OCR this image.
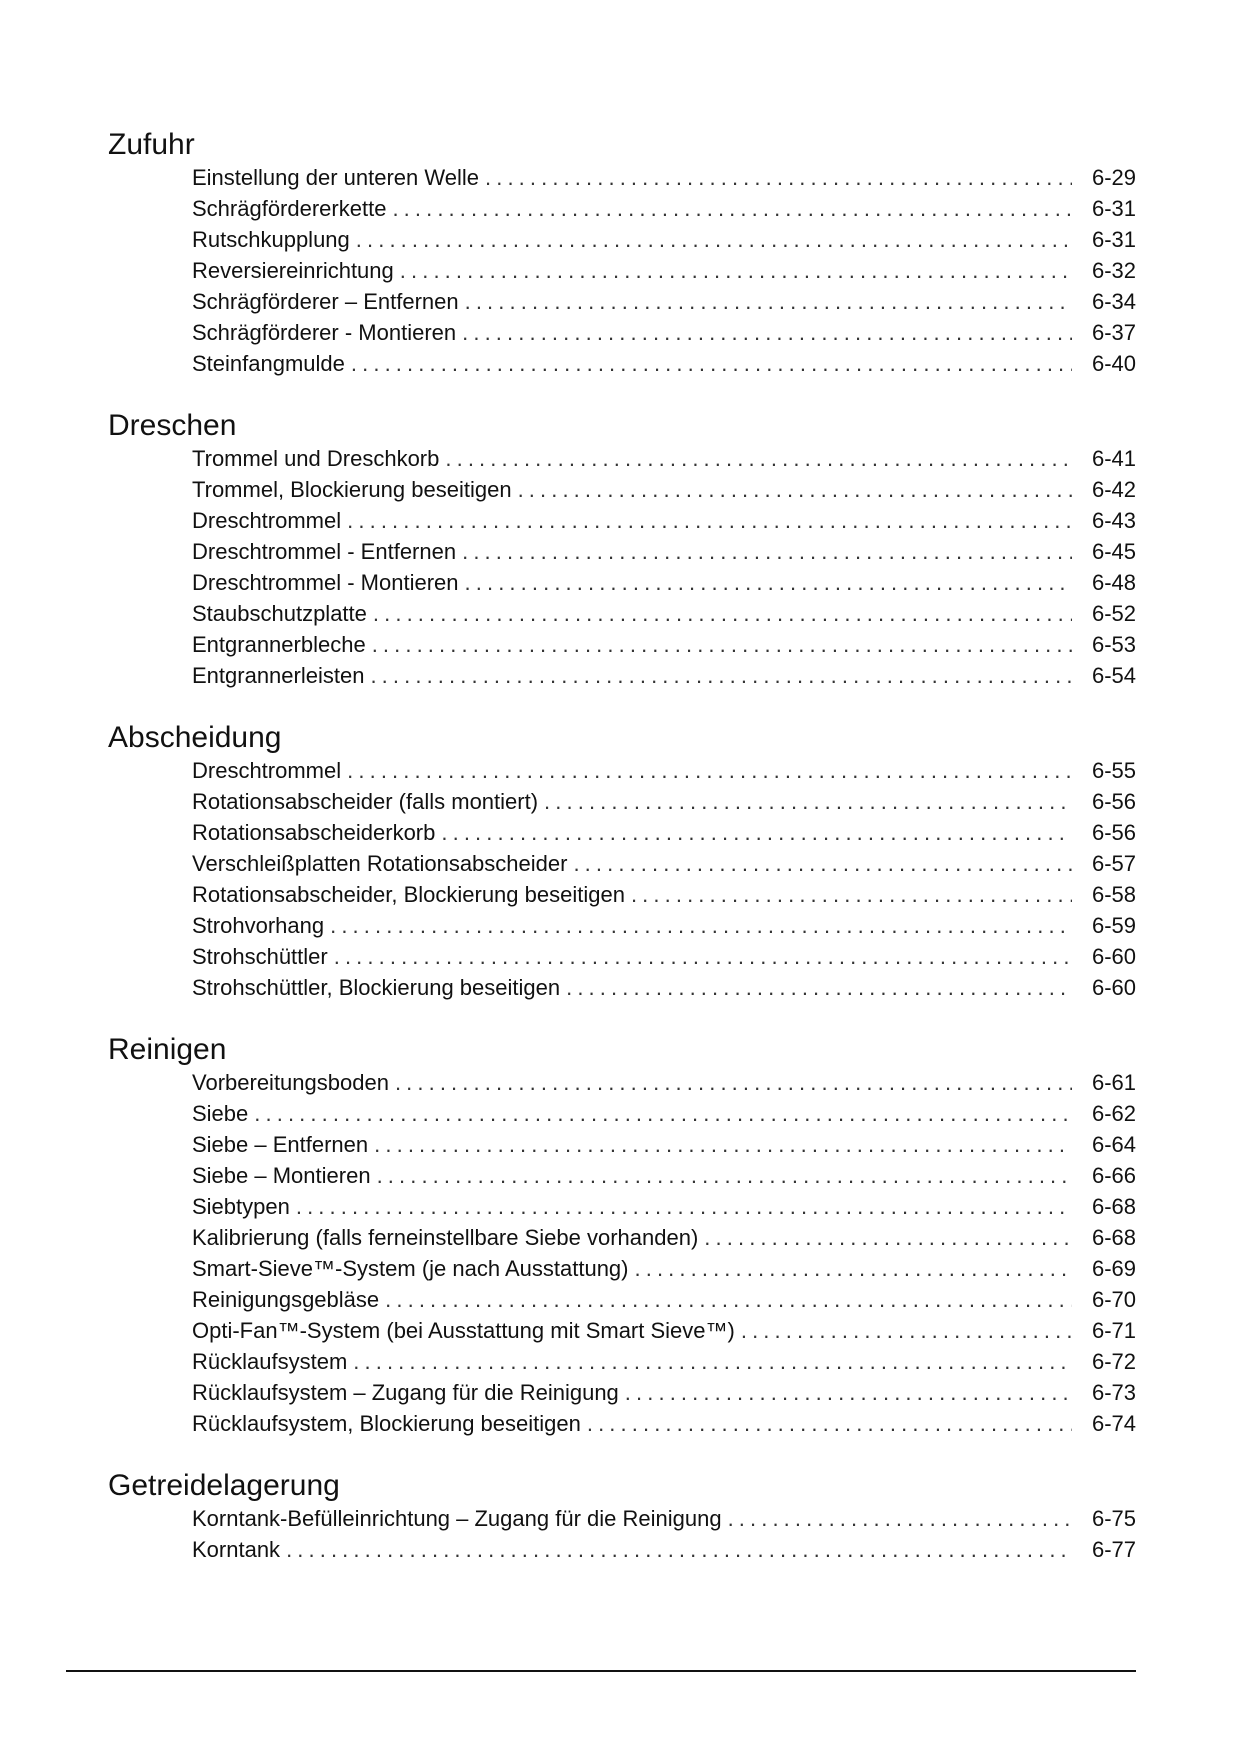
Zufuhr
Einstellung der unteren Welle . . .	6-29
Schrägfördererkette . . .	6-31
Rutschkupplung . . .	6-31
Reversiereinrichtung . . .	6-32
Schrägförderer – Entfernen . . .	6-34
Schrägförderer - Montieren . . .	6-37
Steinfangmulde . . .	6-40
Dreschen
Trommel und Dreschkorb . . .	6-41
Trommel, Blockierung beseitigen . . .	6-42
Dreschtrommel . . .	6-43
Dreschtrommel - Entfernen . . .	6-45
Dreschtrommel - Montieren . . .	6-48
Staubschutzplatte . . .	6-52
Entgrannerbleche . . .	6-53
Entgrannerleisten . . .	6-54
Abscheidung
Dreschtrommel . . .	6-55
Rotationsabscheider (falls montiert) . . .	6-56
Rotationsabscheiderkorb . . .	6-56
Verschleißplatten Rotationsabscheider . . .	6-57
Rotationsabscheider, Blockierung beseitigen . . .	6-58
Strohvorhang . . .	6-59
Strohschüttler . . .	6-60
Strohschüttler, Blockierung beseitigen . . .	6-60
Reinigen
Vorbereitungsboden . . .	6-61
Siebe . . .	6-62
Siebe – Entfernen . . .	6-64
Siebe – Montieren . . .	6-66
Siebtypen . . .	6-68
Kalibrierung (falls ferneinstellbare Siebe vorhanden) . . .	6-68
Smart-Sieve™-System (je nach Ausstattung) . . .	6-69
Reinigungsgebläse . . .	6-70
Opti-Fan™-System (bei Ausstattung mit Smart Sieve™) . . .	6-71
Rücklaufsystem . . .	6-72
Rücklaufsystem – Zugang für die Reinigung . . .	6-73
Rücklaufsystem, Blockierung beseitigen . . .	6-74
Getreidelagerung
Korntank-Befülleinrichtung – Zugang für die Reinigung . . .	6-75
Korntank . . .	6-77
